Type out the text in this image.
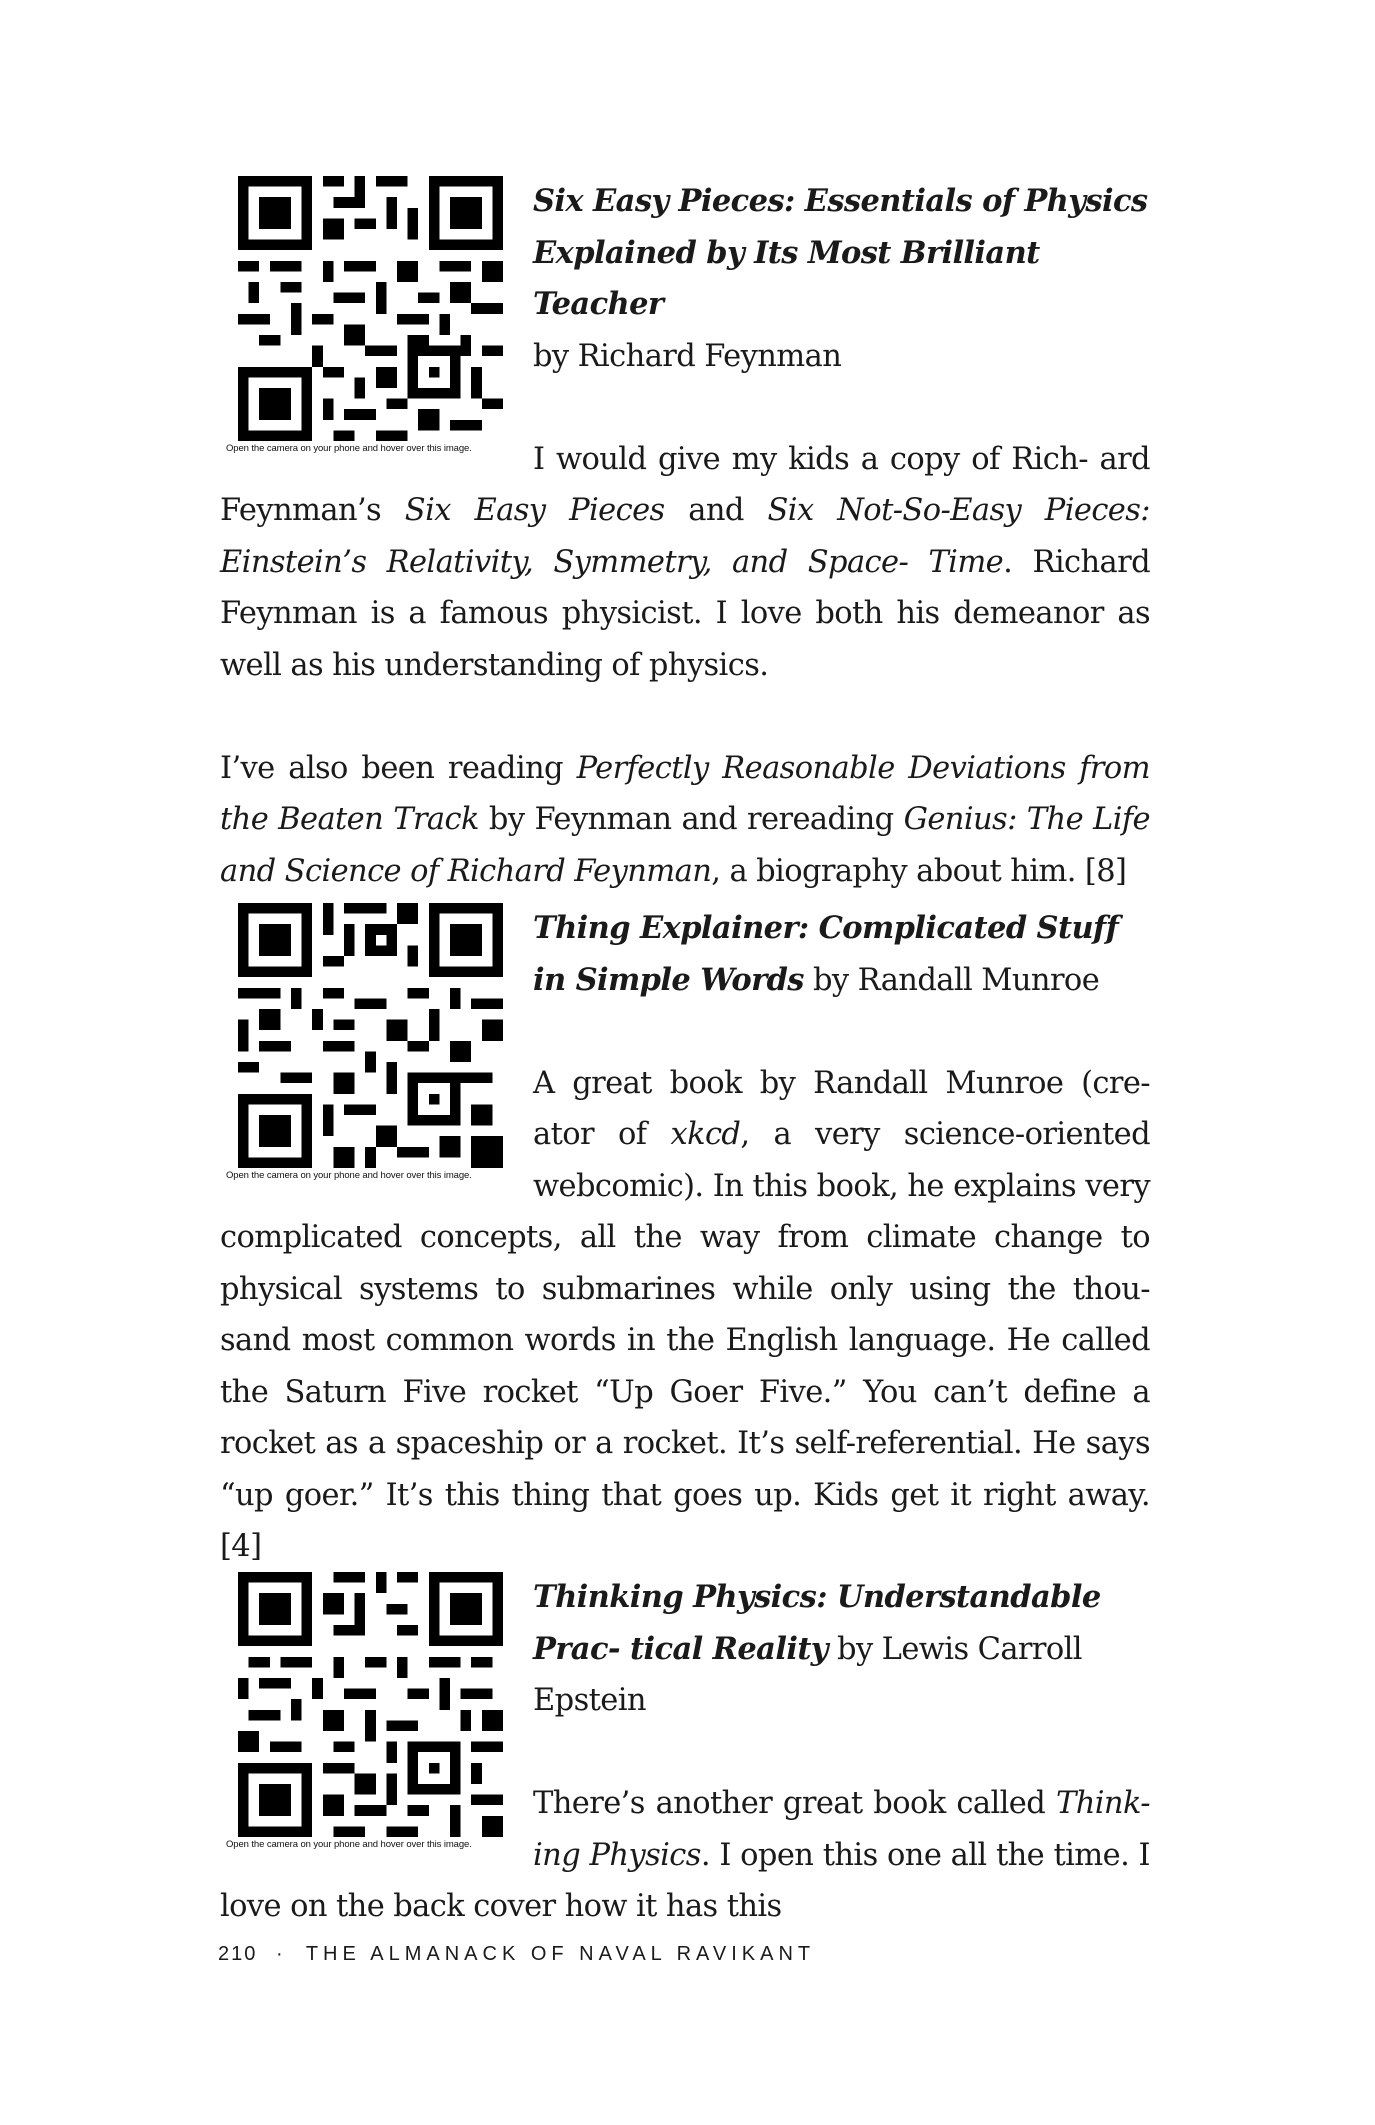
Open the camera on your phone and hover over this image.

Six Easy Pieces: Essentials of Physics Explained by Its Most Brilliant Teacher
by Richard Feynman

I would give my kids a copy of Rich- ard Feynman’s Six Easy Pieces and Six Not-So-Easy Pieces: Einstein’s Relativity, Symmetry, and Space- Time. Richard Feynman is a famous physicist. I love both his demeanor as well as his understanding of physics.

I’ve also been reading Perfectly Reasonable Deviations from the Beaten Track by Feynman and rereading Genius: The Life and Science of Richard Feynman, a biography about him. [8]

Open the camera on your phone and hover over this image.

Thing Explainer: Complicated Stuff in Simple Words by Randall Munroe

A great book by Randall Munroe (cre- ator of xkcd, a very science-oriented webcomic). In this book, he explains very complicated concepts, all the way from climate change to physical systems to submarines while only using the thou- sand most common words in the English language. He called the Saturn Five rocket “Up Goer Five.” You can’t define a rocket as a spaceship or a rocket. It’s self-referential. He says “up goer.” It’s this thing that goes up. Kids get it right away. [4]

Open the camera on your phone and hover over this image.

Thinking Physics: Understandable Prac- tical Reality by Lewis Carroll Epstein

There’s another great book called Think- ing Physics. I open this one all the time. I love on the back cover how it has this

210 · THE ALMANACK OF NAVAL RAVIKANT
